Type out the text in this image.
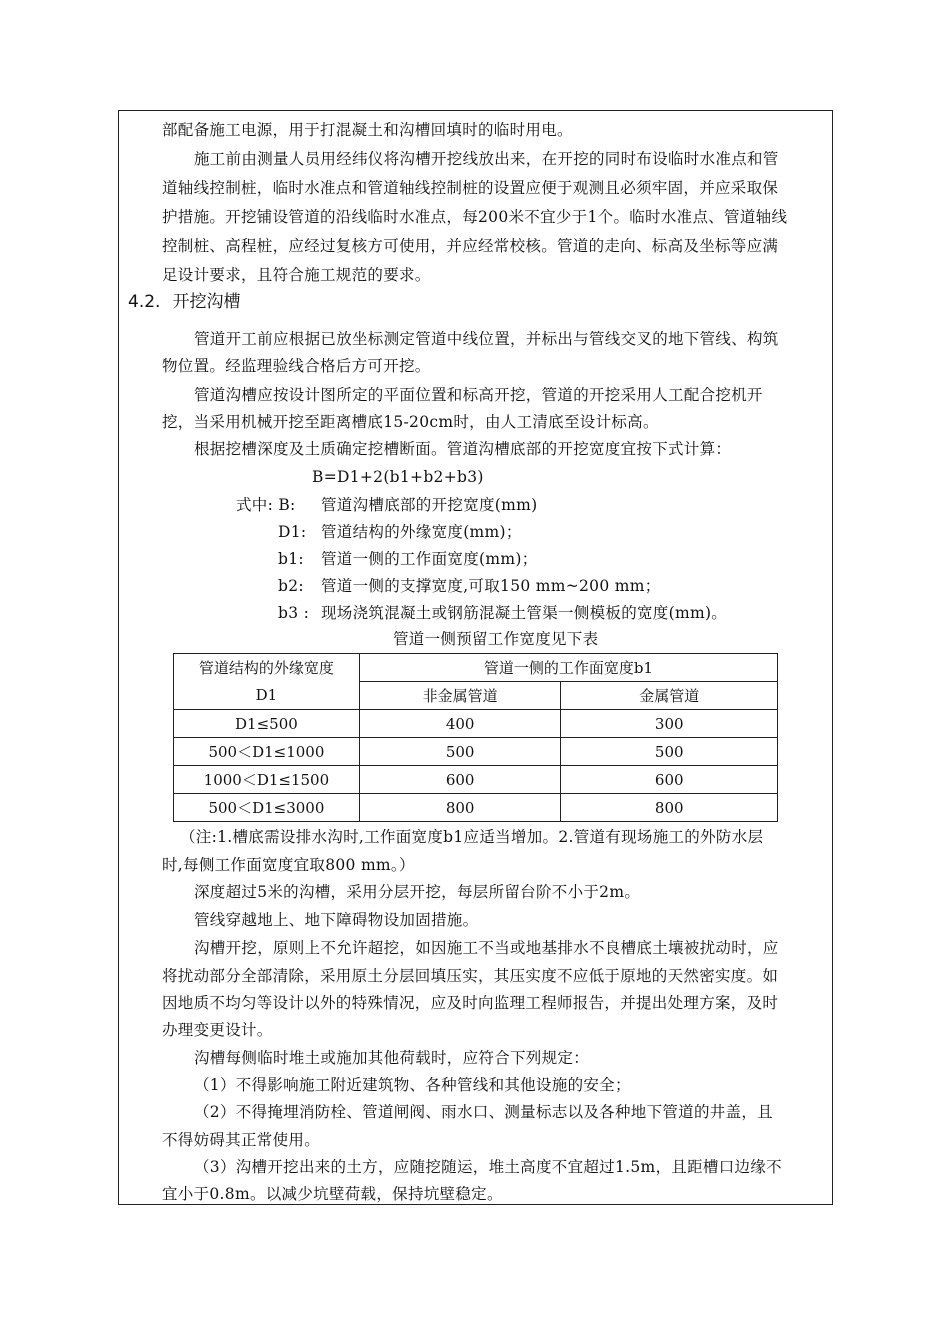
部配备施工电源，用于打混凝土和沟槽回填时的临时用电。
施工前由测量人员用经纬仪将沟槽开挖线放出来，在开挖的同时布设临时水准点和管
道轴线控制桩，临时水准点和管道轴线控制桩的设置应便于观测且必须牢固，并应采取保
护措施。开挖铺设管道的沿线临时水准点，每200米不宜少于1个。临时水准点、管道轴线
控制桩、高程桩，应经过复核方可使用，并应经常校核。管道的走向、标高及坐标等应满
足设计要求，且符合施工规范的要求。
4.2. 开挖沟槽
管道开工前应根据已放坐标测定管道中线位置，并标出与管线交叉的地下管线、构筑
物位置。经监理验线合格后方可开挖。
管道沟槽应按设计图所定的平面位置和标高开挖，管道的开挖采用人工配合挖机开
挖，当采用机械开挖至距离槽底15-20cm时，由人工清底至设计标高。
根据挖槽深度及土质确定挖槽断面。管道沟槽底部的开挖宽度宜按下式计算：
B=D1+2(b1+b2+b3)
式中: B: 管道沟槽底部的开挖宽度(mm)
D1: 管道结构的外缘宽度(mm)；
b1: 管道一侧的工作面宽度(mm)；
b2: 管道一侧的支撑宽度,可取150 mm~200 mm；
b3 : 现场浇筑混凝土或钢筋混凝土管渠一侧模板的宽度(mm)。
管道一侧预留工作宽度见下表
管道结构的外缘宽度	管道一侧的工作面宽度b1	
D1	非金属管道	金属管道
D1≤500	400	300
500＜D1≤1000	500	500
1000＜D1≤1500	600	600
500＜D1≤3000	800	800
（注:1.槽底需设排水沟时,工作面宽度b1应适当增加。2.管道有现场施工的外防水层
时,每侧工作面宽度宜取800 mm。）
深度超过5米的沟槽，采用分层开挖，每层所留台阶不小于2m。
管线穿越地上、地下障碍物设加固措施。
沟槽开挖，原则上不允许超挖，如因施工不当或地基排水不良槽底土壤被扰动时，应
将扰动部分全部清除，采用原土分层回填压实，其压实度不应低于原地的天然密实度。如
因地质不均匀等设计以外的特殊情况，应及时向监理工程师报告，并提出处理方案，及时
办理变更设计。
沟槽每侧临时堆土或施加其他荷载时，应符合下列规定：
（1）不得影响施工附近建筑物、各种管线和其他设施的安全；
（2）不得掩埋消防栓、管道闸阀、雨水口、测量标志以及各种地下管道的井盖，且
不得妨碍其正常使用。
（3）沟槽开挖出来的土方，应随挖随运，堆土高度不宜超过1.5m，且距槽口边缘不
宜小于0.8m。以减少坑壁荷载，保持坑壁稳定。
